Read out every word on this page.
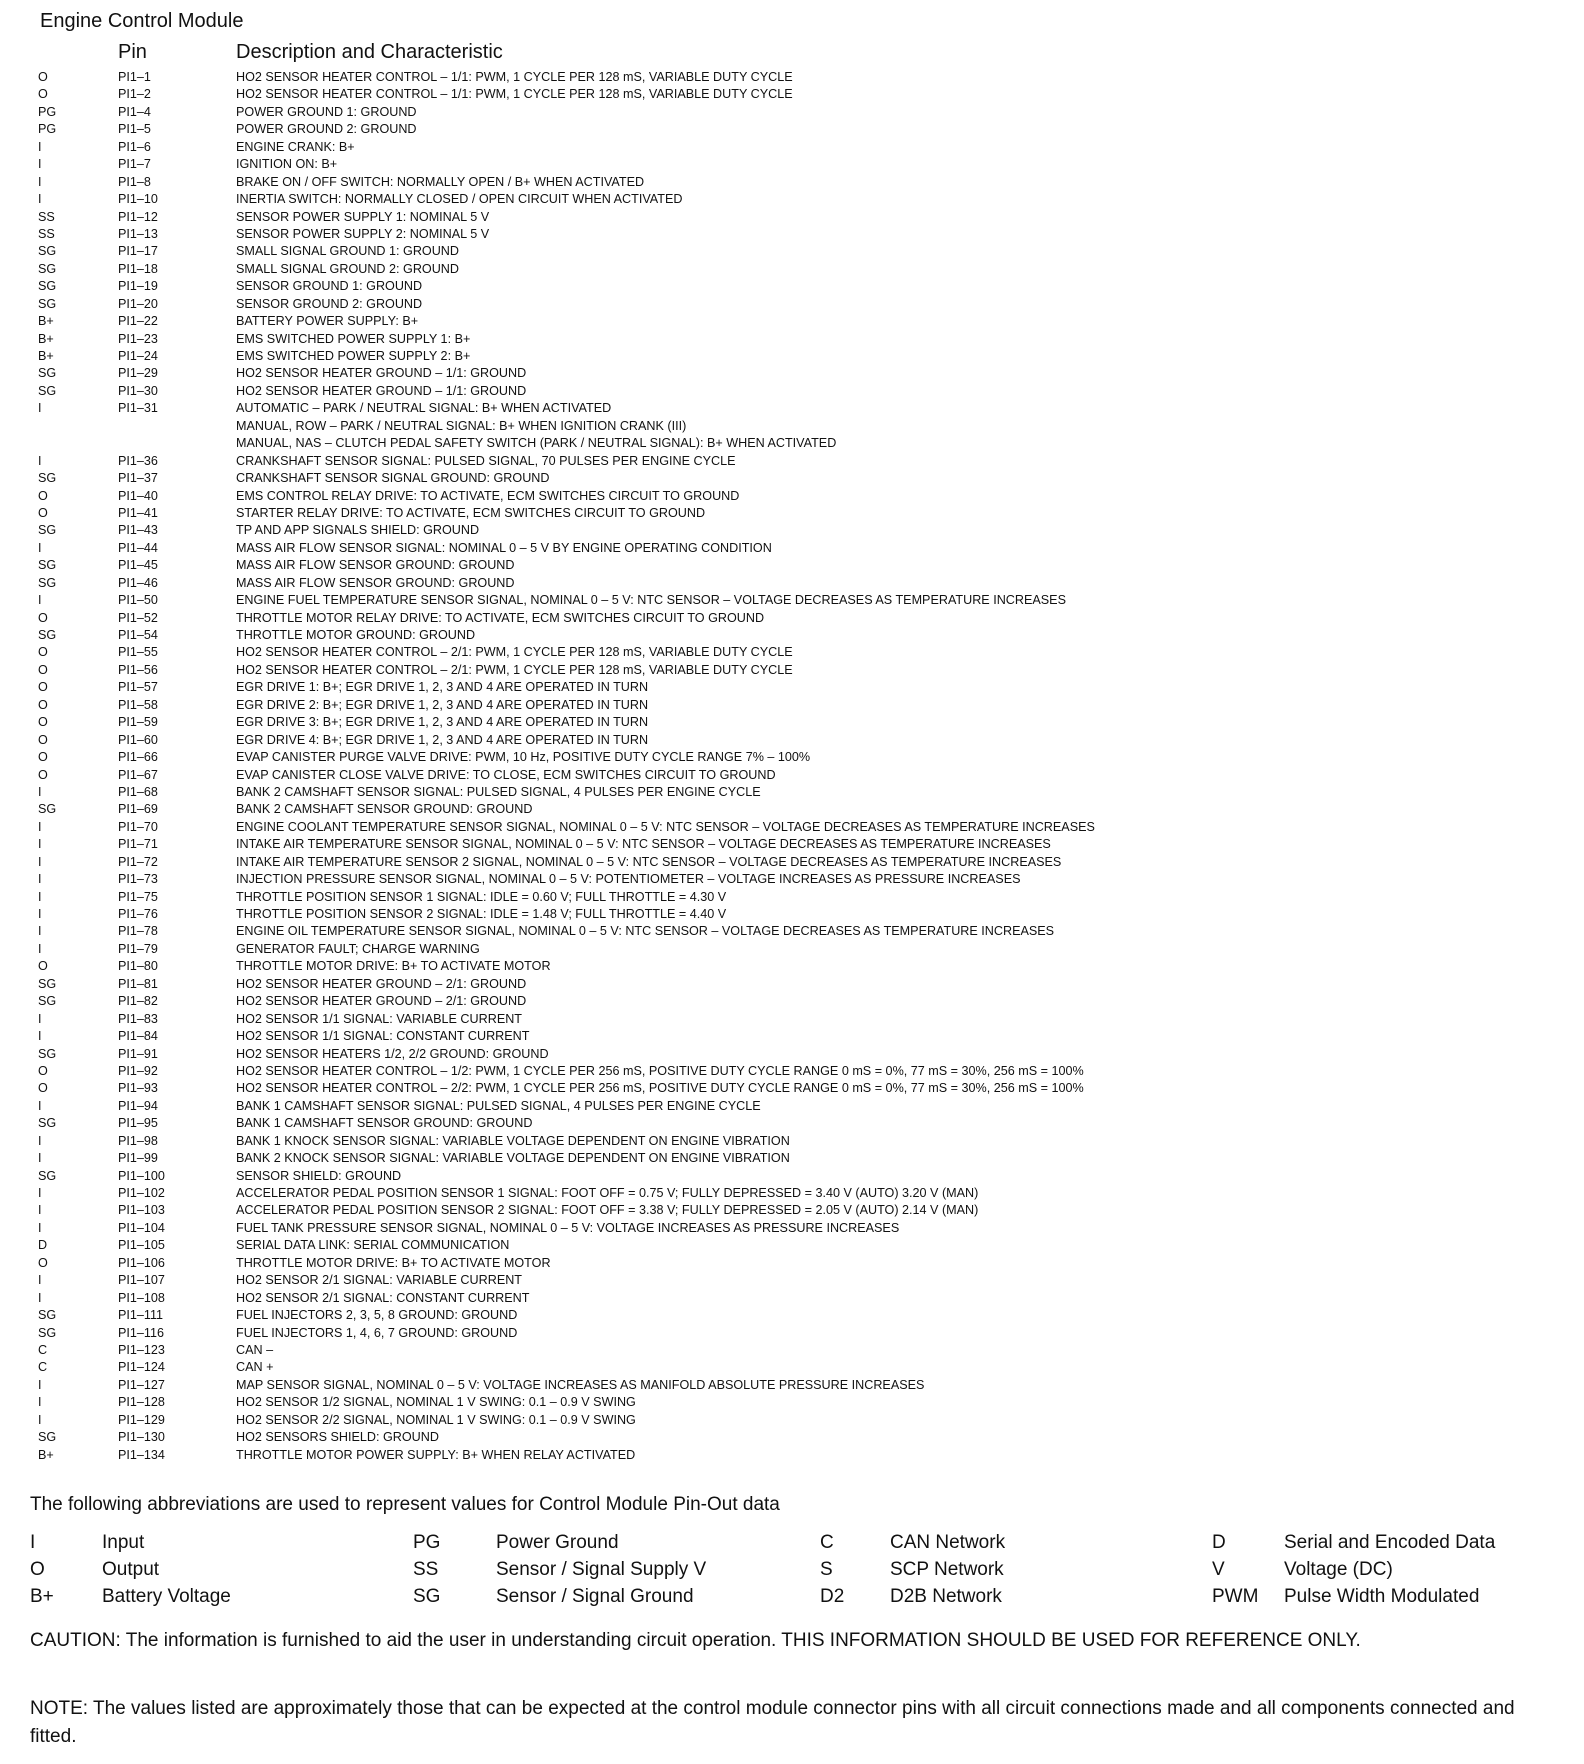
Engine Control Module
Pin	Description and Characteristic
O	PI1–1	HO2 SENSOR HEATER CONTROL – 1/1: PWM, 1 CYCLE PER 128 mS, VARIABLE DUTY CYCLE
O	PI1–2	HO2 SENSOR HEATER CONTROL – 1/1: PWM, 1 CYCLE PER 128 mS, VARIABLE DUTY CYCLE
PG	PI1–4	POWER GROUND 1: GROUND
PG	PI1–5	POWER GROUND 2: GROUND
I	PI1–6	ENGINE CRANK: B+
I	PI1–7	IGNITION ON: B+
I	PI1–8	BRAKE ON / OFF SWITCH: NORMALLY OPEN / B+ WHEN ACTIVATED
I	PI1–10	INERTIA SWITCH: NORMALLY CLOSED / OPEN CIRCUIT WHEN ACTIVATED
SS	PI1–12	SENSOR POWER SUPPLY 1: NOMINAL 5 V
SS	PI1–13	SENSOR POWER SUPPLY 2: NOMINAL 5 V
SG	PI1–17	SMALL SIGNAL GROUND 1: GROUND
SG	PI1–18	SMALL SIGNAL GROUND 2: GROUND
SG	PI1–19	SENSOR GROUND 1: GROUND
SG	PI1–20	SENSOR GROUND 2: GROUND
B+	PI1–22	BATTERY POWER SUPPLY: B+
B+	PI1–23	EMS SWITCHED POWER SUPPLY 1: B+
B+	PI1–24	EMS SWITCHED POWER SUPPLY 2: B+
SG	PI1–29	HO2 SENSOR HEATER GROUND – 1/1: GROUND
SG	PI1–30	HO2 SENSOR HEATER GROUND – 1/1: GROUND
I	PI1–31	AUTOMATIC – PARK / NEUTRAL SIGNAL: B+ WHEN ACTIVATED
MANUAL, ROW – PARK / NEUTRAL SIGNAL: B+ WHEN IGNITION CRANK (III)
MANUAL, NAS – CLUTCH PEDAL SAFETY SWITCH (PARK / NEUTRAL SIGNAL): B+ WHEN ACTIVATED
I	PI1–36	CRANKSHAFT SENSOR SIGNAL: PULSED SIGNAL, 70 PULSES PER ENGINE CYCLE
SG	PI1–37	CRANKSHAFT SENSOR SIGNAL GROUND: GROUND
O	PI1–40	EMS CONTROL RELAY DRIVE: TO ACTIVATE, ECM SWITCHES CIRCUIT TO GROUND
O	PI1–41	STARTER RELAY DRIVE: TO ACTIVATE, ECM SWITCHES CIRCUIT TO GROUND
SG	PI1–43	TP AND APP SIGNALS SHIELD: GROUND
I	PI1–44	MASS AIR FLOW SENSOR SIGNAL: NOMINAL 0 – 5 V BY ENGINE OPERATING CONDITION
SG	PI1–45	MASS AIR FLOW SENSOR GROUND: GROUND
SG	PI1–46	MASS AIR FLOW SENSOR GROUND: GROUND
I	PI1–50	ENGINE FUEL TEMPERATURE SENSOR SIGNAL, NOMINAL 0 – 5 V: NTC SENSOR – VOLTAGE DECREASES AS TEMPERATURE INCREASES
O	PI1–52	THROTTLE MOTOR RELAY DRIVE: TO ACTIVATE, ECM SWITCHES CIRCUIT TO GROUND
SG	PI1–54	THROTTLE MOTOR GROUND: GROUND
O	PI1–55	HO2 SENSOR HEATER CONTROL – 2/1: PWM, 1 CYCLE PER 128 mS, VARIABLE DUTY CYCLE
O	PI1–56	HO2 SENSOR HEATER CONTROL – 2/1: PWM, 1 CYCLE PER 128 mS, VARIABLE DUTY CYCLE
O	PI1–57	EGR DRIVE 1: B+; EGR DRIVE 1, 2, 3 AND 4 ARE OPERATED IN TURN
O	PI1–58	EGR DRIVE 2: B+; EGR DRIVE 1, 2, 3 AND 4 ARE OPERATED IN TURN
O	PI1–59	EGR DRIVE 3: B+; EGR DRIVE 1, 2, 3 AND 4 ARE OPERATED IN TURN
O	PI1–60	EGR DRIVE 4: B+; EGR DRIVE 1, 2, 3 AND 4 ARE OPERATED IN TURN
O	PI1–66	EVAP CANISTER PURGE VALVE DRIVE: PWM, 10 Hz, POSITIVE DUTY CYCLE RANGE 7% – 100%
O	PI1–67	EVAP CANISTER CLOSE VALVE DRIVE: TO CLOSE, ECM SWITCHES CIRCUIT TO GROUND
I	PI1–68	BANK 2 CAMSHAFT SENSOR SIGNAL: PULSED SIGNAL, 4 PULSES PER ENGINE CYCLE
SG	PI1–69	BANK 2 CAMSHAFT SENSOR GROUND: GROUND
I	PI1–70	ENGINE COOLANT TEMPERATURE SENSOR SIGNAL, NOMINAL 0 – 5 V: NTC SENSOR – VOLTAGE DECREASES AS TEMPERATURE INCREASES
I	PI1–71	INTAKE AIR TEMPERATURE SENSOR SIGNAL, NOMINAL 0 – 5 V: NTC SENSOR – VOLTAGE DECREASES AS TEMPERATURE INCREASES
I	PI1–72	INTAKE AIR TEMPERATURE SENSOR 2 SIGNAL, NOMINAL 0 – 5 V: NTC SENSOR – VOLTAGE DECREASES AS TEMPERATURE INCREASES
I	PI1–73	INJECTION PRESSURE SENSOR SIGNAL, NOMINAL 0 – 5 V: POTENTIOMETER – VOLTAGE INCREASES AS PRESSURE INCREASES
I	PI1–75	THROTTLE POSITION SENSOR 1 SIGNAL: IDLE = 0.60 V; FULL THROTTLE = 4.30 V
I	PI1–76	THROTTLE POSITION SENSOR 2 SIGNAL: IDLE = 1.48 V; FULL THROTTLE = 4.40 V
I	PI1–78	ENGINE OIL TEMPERATURE SENSOR SIGNAL, NOMINAL 0 – 5 V: NTC SENSOR – VOLTAGE DECREASES AS TEMPERATURE INCREASES
I	PI1–79	GENERATOR FAULT; CHARGE WARNING
O	PI1–80	THROTTLE MOTOR DRIVE: B+ TO ACTIVATE MOTOR
SG	PI1–81	HO2 SENSOR HEATER GROUND – 2/1: GROUND
SG	PI1–82	HO2 SENSOR HEATER GROUND – 2/1: GROUND
I	PI1–83	HO2 SENSOR 1/1 SIGNAL: VARIABLE CURRENT
I	PI1–84	HO2 SENSOR 1/1 SIGNAL: CONSTANT CURRENT
SG	PI1–91	HO2 SENSOR HEATERS 1/2, 2/2 GROUND: GROUND
O	PI1–92	HO2 SENSOR HEATER CONTROL – 1/2: PWM, 1 CYCLE PER 256 mS, POSITIVE DUTY CYCLE RANGE 0 mS = 0%, 77 mS = 30%, 256 mS = 100%
O	PI1–93	HO2 SENSOR HEATER CONTROL – 2/2: PWM, 1 CYCLE PER 256 mS, POSITIVE DUTY CYCLE RANGE 0 mS = 0%, 77 mS = 30%, 256 mS = 100%
I	PI1–94	BANK 1 CAMSHAFT SENSOR SIGNAL: PULSED SIGNAL, 4 PULSES PER ENGINE CYCLE
SG	PI1–95	BANK 1 CAMSHAFT SENSOR GROUND: GROUND
I	PI1–98	BANK 1 KNOCK SENSOR SIGNAL: VARIABLE VOLTAGE DEPENDENT ON ENGINE VIBRATION
I	PI1–99	BANK 2 KNOCK SENSOR SIGNAL: VARIABLE VOLTAGE DEPENDENT ON ENGINE VIBRATION
SG	PI1–100	SENSOR SHIELD: GROUND
I	PI1–102	ACCELERATOR PEDAL POSITION SENSOR 1 SIGNAL: FOOT OFF = 0.75 V; FULLY DEPRESSED = 3.40 V (AUTO) 3.20 V (MAN)
I	PI1–103	ACCELERATOR PEDAL POSITION SENSOR 2 SIGNAL: FOOT OFF = 3.38 V; FULLY DEPRESSED = 2.05 V (AUTO) 2.14 V (MAN)
I	PI1–104	FUEL TANK PRESSURE SENSOR SIGNAL, NOMINAL 0 – 5 V: VOLTAGE INCREASES AS PRESSURE INCREASES
D	PI1–105	SERIAL DATA LINK: SERIAL COMMUNICATION
O	PI1–106	THROTTLE MOTOR DRIVE: B+ TO ACTIVATE MOTOR
I	PI1–107	HO2 SENSOR 2/1 SIGNAL: VARIABLE CURRENT
I	PI1–108	HO2 SENSOR 2/1 SIGNAL: CONSTANT CURRENT
SG	PI1–111	FUEL INJECTORS 2, 3, 5, 8 GROUND: GROUND
SG	PI1–116	FUEL INJECTORS 1, 4, 6, 7 GROUND: GROUND
C	PI1–123	CAN –
C	PI1–124	CAN +
I	PI1–127	MAP SENSOR SIGNAL, NOMINAL 0 – 5 V: VOLTAGE INCREASES AS MANIFOLD ABSOLUTE PRESSURE INCREASES
I	PI1–128	HO2 SENSOR 1/2 SIGNAL, NOMINAL 1 V SWING: 0.1 – 0.9 V SWING
I	PI1–129	HO2 SENSOR 2/2 SIGNAL, NOMINAL 1 V SWING: 0.1 – 0.9 V SWING
SG	PI1–130	HO2 SENSORS SHIELD: GROUND
B+	PI1–134	THROTTLE MOTOR POWER SUPPLY: B+ WHEN RELAY ACTIVATED
The following abbreviations are used to represent values for Control Module Pin-Out data
I	Input	PG	Power Ground	C	CAN Network	D	Serial and Encoded Data
O	Output	SS	Sensor / Signal Supply V	S	SCP Network	V	Voltage (DC)
B+	Battery Voltage	SG	Sensor / Signal Ground	D2 D2B Network	PWM Pulse Width Modulated
CAUTION: The information is furnished to aid the user in understanding circuit operation. THIS INFORMATION SHOULD BE USED FOR REFERENCE ONLY.
NOTE: The values listed are approximately those that can be expected at the control module connector pins with all circuit connections made and all components connected and fitted.
